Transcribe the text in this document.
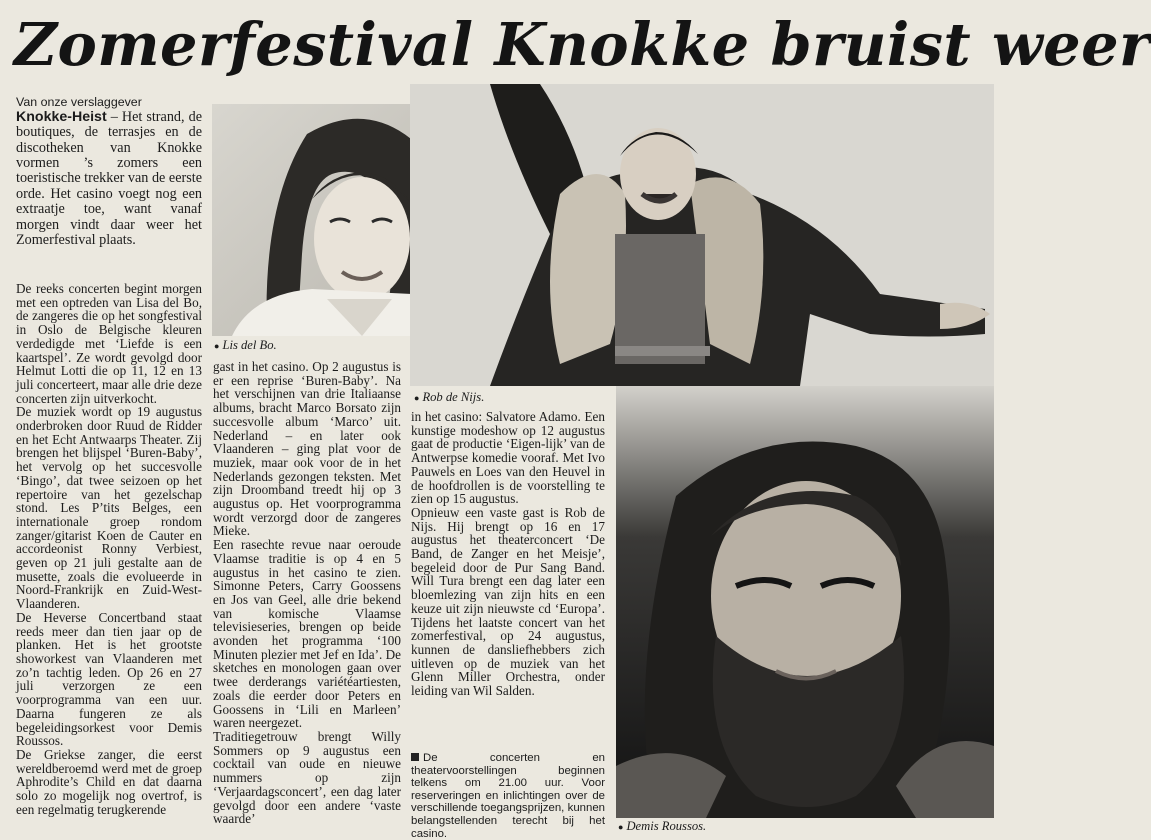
Zomerfestival Knokke bruist weer

Van onze verslaggever

Knokke-Heist – Het strand, de boutiques, de terrasjes en de discotheken van Knokke vormen ’s zomers een toeristische trekker van de eerste orde. Het casino voegt nog een extraatje toe, want vanaf morgen vindt daar weer het Zomerfestival plaats.

De reeks concerten begint morgen met een optreden van Lisa del Bo, de zangeres die op het songfestival in Oslo de Belgische kleuren verdedigde met ‘Liefde is een kaartspel’. Ze wordt gevolgd door Helmut Lotti die op 11, 12 en 13 juli concerteert, maar alle drie deze concerten zijn uitverkocht.

De muziek wordt op 19 augustus onderbroken door Ruud de Ridder en het Echt Antwaarps Theater. Zij brengen het blijspel ‘Buren-Baby’, het vervolg op het succesvolle ‘Bingo’, dat twee seizoen op het repertoire van het gezelschap stond. Les P’tits Belges, een internationale groep rondom zanger/gitarist Koen de Cauter en accordeonist Ronny Verbiest, geven op 21 juli gestalte aan de musette, zoals die evolueerde in Noord-Frankrijk en Zuid-West-Vlaanderen.

De Heverse Concertband staat reeds meer dan tien jaar op de planken. Het is het grootste showorkest van Vlaanderen met zo’n tachtig leden. Op 26 en 27 juli verzorgen ze een voorprogramma van een uur. Daarna fungeren ze als begeleidingsorkest voor Demis Roussos.

De Griekse zanger, die eerst wereldberoemd werd met de groep Aphrodite’s Child en dat daarna solo zo mogelijk nog overtrof, is een regelmatig terugkerende

gast in het casino. Op 2 augustus is er een reprise ‘Buren-Baby’. Na het verschijnen van drie Italiaanse albums, bracht Marco Borsato zijn succesvolle album ‘Marco’ uit. Nederland – en later ook Vlaanderen – ging plat voor de muziek, maar ook voor de in het Nederlands gezongen teksten. Met zijn Droomband treedt hij op 3 augustus op. Het voorprogramma wordt verzorgd door de zangeres Mieke.

Een rasechte revue naar oeroude Vlaamse traditie is op 4 en 5 augustus in het casino te zien. Simonne Peters, Carry Goossens en Jos van Geel, alle drie bekend van komische Vlaamse televisieseries, brengen op beide avonden het programma ‘100 Minuten plezier met Jef en Ida’. De sketches en monologen gaan over twee derderangs variétéartiesten, zoals die eerder door Peters en Goossens in ‘Lili en Marleen’ waren neergezet.

Traditiegetrouw brengt Willy Sommers op 9 augustus een cocktail van oude en nieuwe nummers op zijn ‘Verjaardagsconcert’, een dag later gevolgd door een andere ‘vaste waarde’

in het casino: Salvatore Adamo. Een kunstige modeshow op 12 augustus gaat de productie ‘Eigen-lijk’ van de Antwerpse komedie vooraf. Met Ivo Pauwels en Loes van den Heuvel in de hoofdrollen is de voorstelling te zien op 15 augustus.

Opnieuw een vaste gast is Rob de Nijs. Hij brengt op 16 en 17 augustus het theaterconcert ‘De Band, de Zanger en het Meisje’, begeleid door de Pur Sang Band. Will Tura brengt een dag later een bloemlezing van zijn hits en een keuze uit zijn nieuwste cd ‘Europa’. Tijdens het laatste concert van het zomerfestival, op 24 augustus, kunnen de dansliefhebbers zich uitleven op de muziek van het Glenn Miller Orchestra, onder leiding van Wil Salden.

De concerten en theatervoorstellingen beginnen telkens om 21.00 uur. Voor reserveringen en inlichtingen over de verschillende toegangsprijzen, kunnen belangstellenden terecht bij het casino.
● Lis del Bo.
● Rob de Nijs.
● Demis Roussos.
